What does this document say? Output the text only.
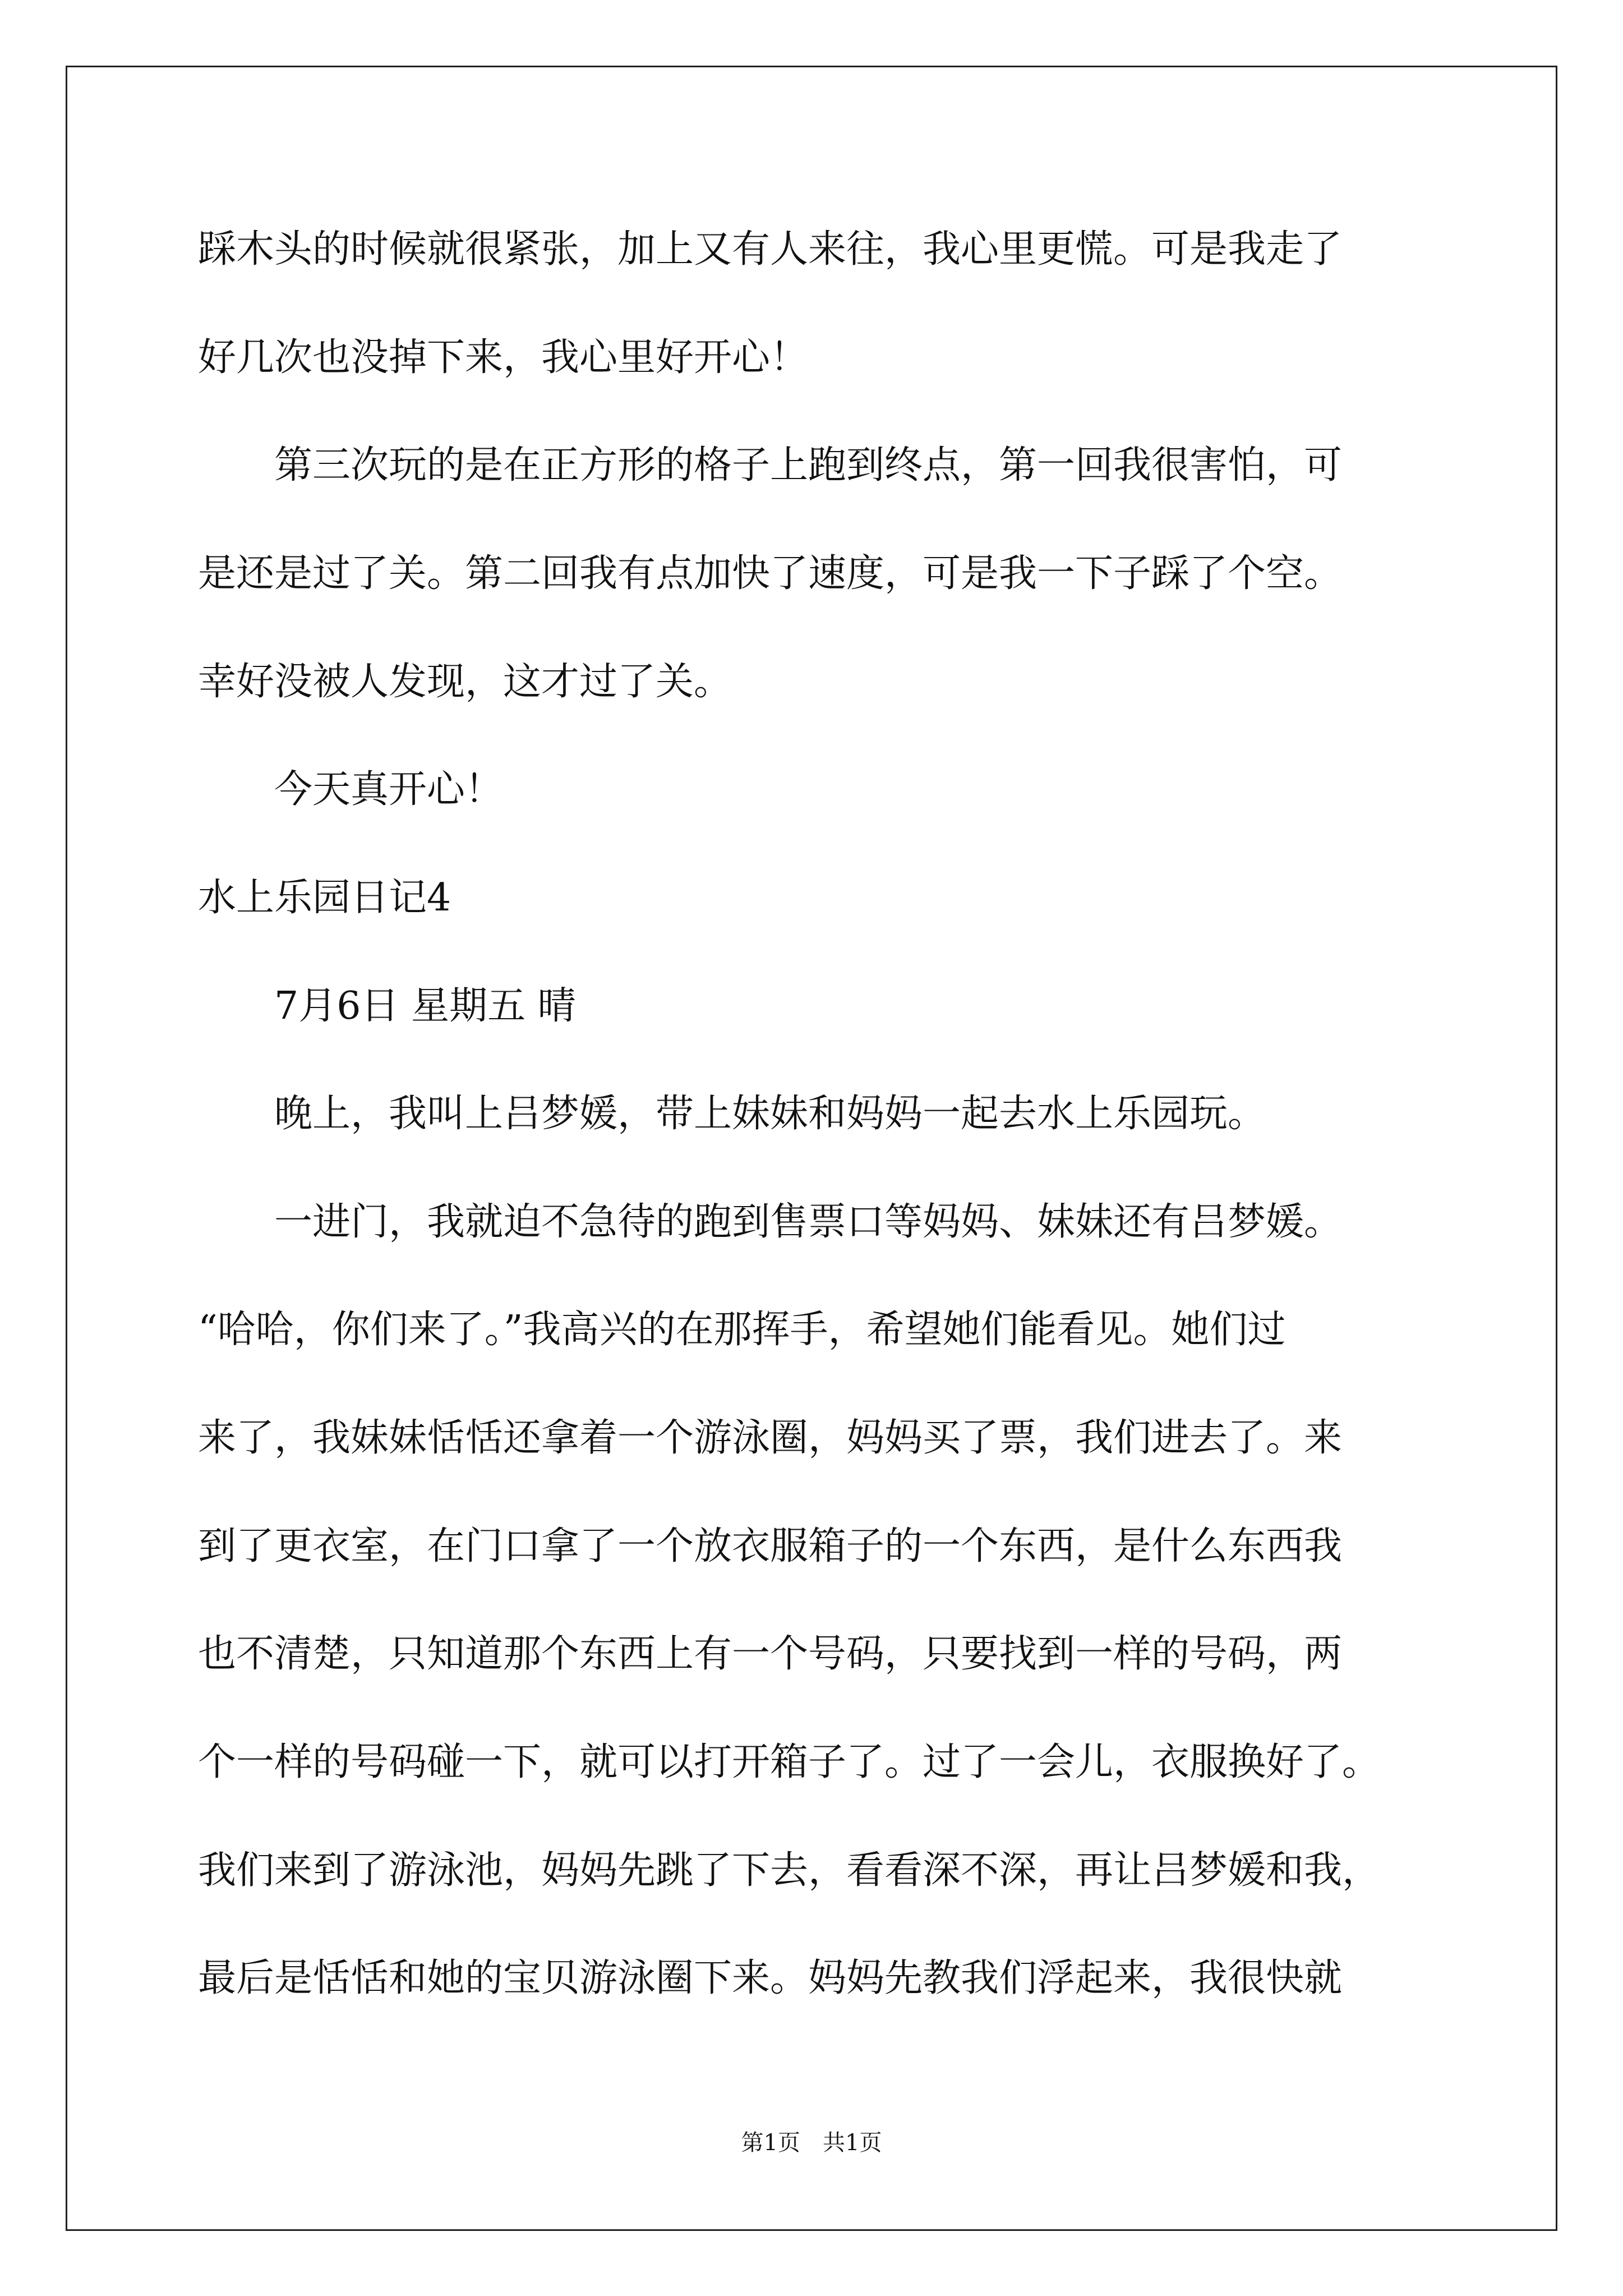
踩木头的时候就很紧张，加上又有人来往，我心里更慌。可是我走了
好几次也没掉下来，我心里好开心！
　　第三次玩的是在正方形的格子上跑到终点，第一回我很害怕，可
是还是过了关。第二回我有点加快了速度，可是我一下子踩了个空。
幸好没被人发现，这才过了关。
　　今天真开心！
水上乐园日记4
　　7月6日 星期五 晴
　　晚上，我叫上吕梦媛，带上妹妹和妈妈一起去水上乐园玩。
　　一进门，我就迫不急待的跑到售票口等妈妈、妹妹还有吕梦媛。
“哈哈，你们来了。”我高兴的在那挥手，希望她们能看见。她们过
来了，我妹妹恬恬还拿着一个游泳圈，妈妈买了票，我们进去了。来
到了更衣室，在门口拿了一个放衣服箱子的一个东西，是什么东西我
也不清楚，只知道那个东西上有一个号码，只要找到一样的号码，两
个一样的号码碰一下，就可以打开箱子了。过了一会儿，衣服换好了。
我们来到了游泳池，妈妈先跳了下去，看看深不深，再让吕梦媛和我，
最后是恬恬和她的宝贝游泳圈下来。妈妈先教我们浮起来，我很快就
第1页　共1页
